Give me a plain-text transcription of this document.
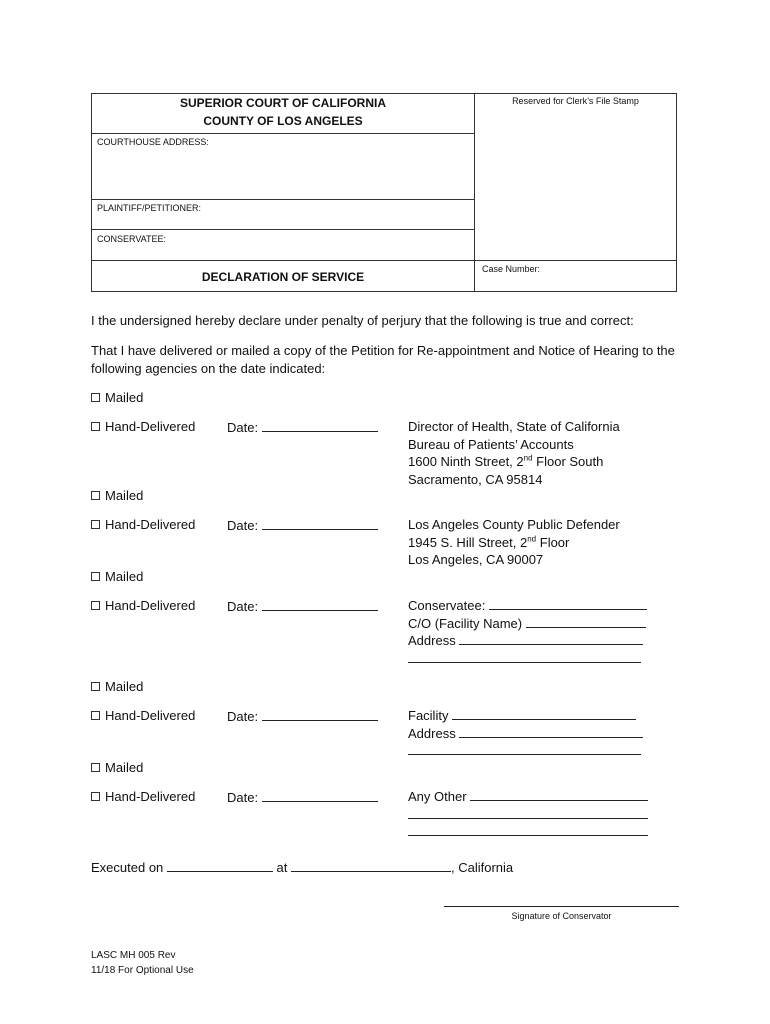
SUPERIOR COURT OF CALIFORNIA
COUNTY OF LOS ANGELES
Reserved for Clerk’s File Stamp
COURTHOUSE ADDRESS:
PLAINTIFF/PETITIONER:
CONSERVATEE:
DECLARATION OF SERVICE
Case Number:
I the undersigned hereby declare under penalty of perjury that the following is true and correct:
That I have delivered or mailed a copy of the Petition for Re-appointment and Notice of Hearing to the
following agencies on the date indicated:
Mailed
Hand-Delivered Date:	Director of Health, State of California
Bureau of Patients’ Accounts
1600 Ninth Street, 2nd Floor South
Sacramento, CA 95814
Mailed
Hand-Delivered Date:	Los Angeles County Public Defender
1945 S. Hill Street, 2nd Floor
Los Angeles, CA 90007
Mailed
Hand-Delivered Date:	Conservatee:
C/O (Facility Name)
Address
Mailed
Hand-Delivered Date:	Facility
Address
Mailed
Hand-Delivered Date:	Any Other
Executed on	at	, California
Signature of Conservator
LASC MH 005 Rev
11/18 For Optional Use
